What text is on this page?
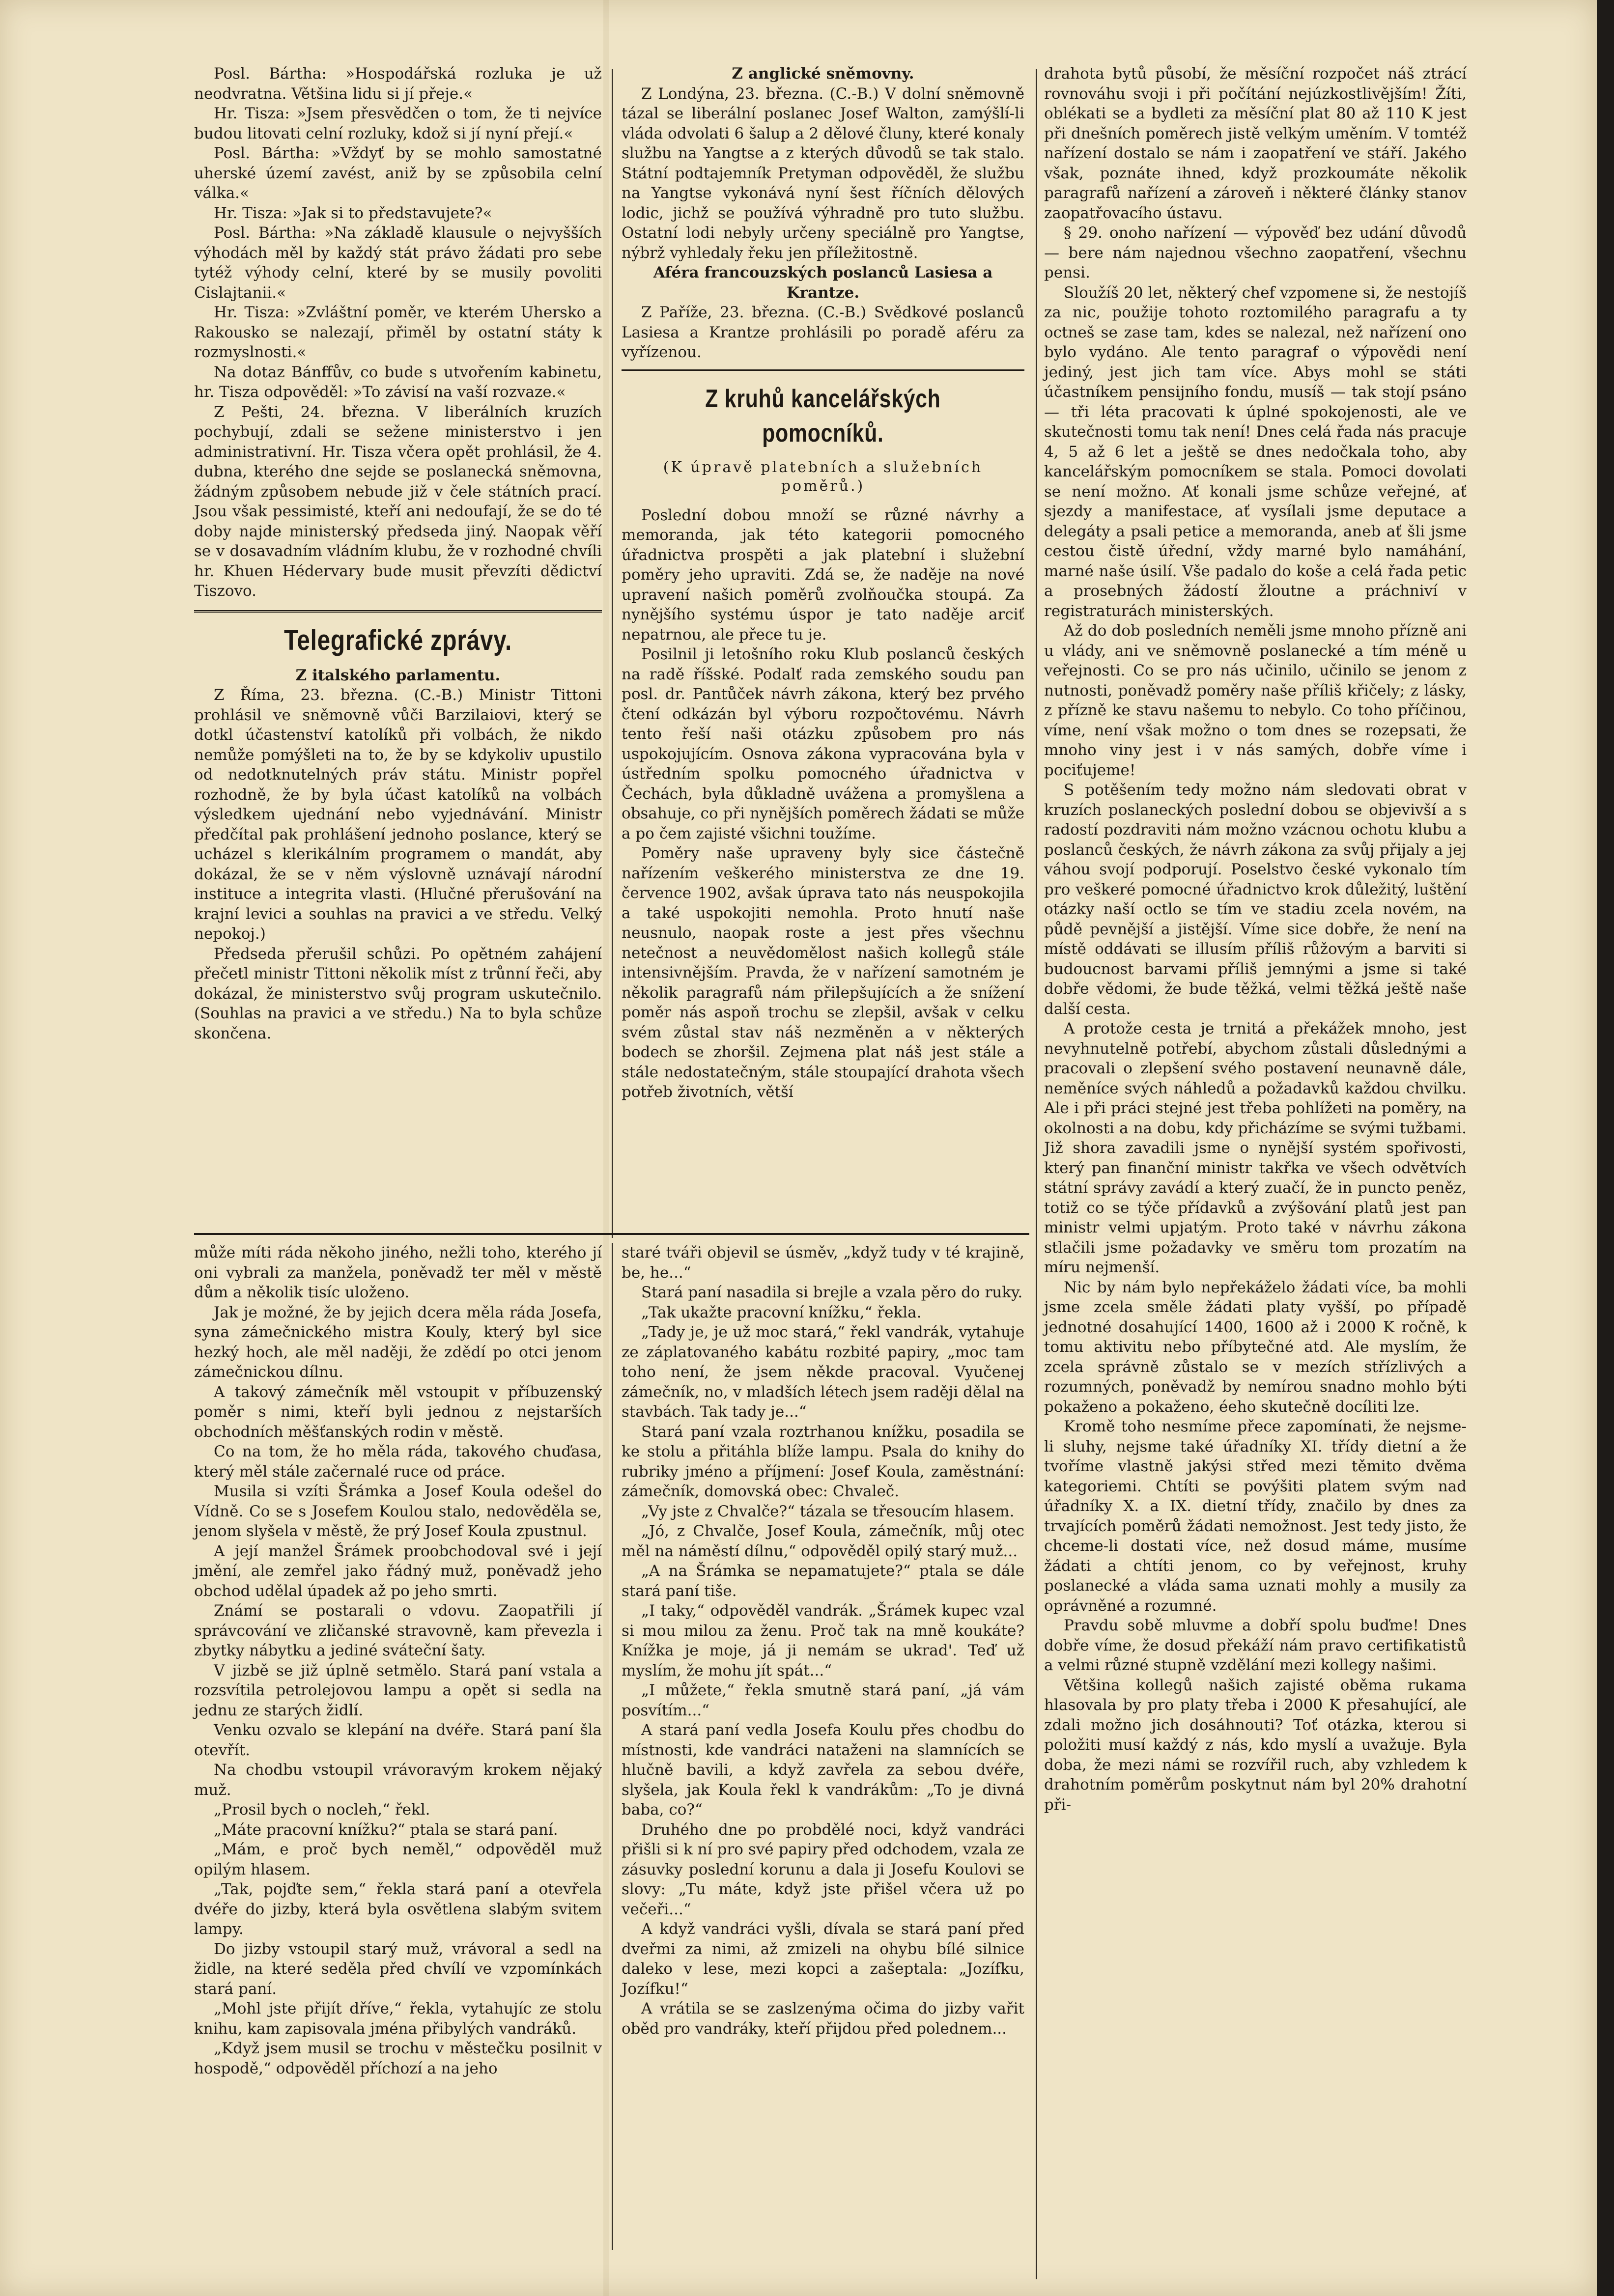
Posl. Bártha: »Hospodářská rozluka je už neodvratna. Většina lidu si jí přeje.«

Hr. Tisza: »Jsem přesvědčen o tom, že ti nejvíce budou litovati celní rozluky, kdož si jí nyní přejí.«

Posl. Bártha: »Vždyť by se mohlo samostatné uherské území zavést, aniž by se způsobila celní válka.«

Hr. Tisza: »Jak si to představujete?«

Posl. Bártha: »Na základě klausule o nejvyšších výhodách měl by každý stát právo žádati pro sebe tytéž výhody celní, které by se musily povoliti Cislajtanii.«

Hr. Tisza: »Zvláštní poměr, ve kterém Uhersko a Rakousko se nalezají, přiměl by ostatní státy k rozmyslnosti.«

Na dotaz Bánffův, co bude s utvořením kabinetu, hr. Tisza odpověděl: »To závisí na vaší rozvaze.«

Z Pešti, 24. března. V liberálních kruzích pochybují, zdali se sežene ministerstvo i jen administrativní. Hr. Tisza včera opět prohlásil, že 4. dubna, kterého dne sejde se poslanecká sněmovna, žádným způsobem nebude již v čele státních prací. Jsou však pessimisté, kteří ani nedoufají, že se do té doby najde ministerský předseda jiný. Naopak věří se v dosavadním vládním klubu, že v rozhodné chvíli hr. Khuen Hédervary bude musit převzíti dědictví Tiszovo.

Telegrafické zprávy.

Z italského parlamentu.

Z Říma, 23. března. (C.-B.) Ministr Tittoni prohlásil ve sněmovně vůči Barzilaiovi, který se dotkl účastenství katolíků při volbách, že nikdo nemůže pomýšleti na to, že by se kdykoliv upustilo od nedotknutelných práv státu. Ministr popřel rozhodně, že by byla účast katolíků na volbách výsledkem ujednání nebo vyjednávání. Ministr předčítal pak prohlášení jednoho poslance, který se ucházel s klerikálním programem o mandát, aby dokázal, že se v něm výslovně uznávají národní instituce a integrita vlasti. (Hlučné přerušování na krajní levici a souhlas na pravici a ve středu. Velký nepokoj.)

Předseda přerušil schůzi. Po opětném zahájení přečetl ministr Tittoni několik míst z trůnní řeči, aby dokázal, že ministerstvo svůj program uskutečnilo. (Souhlas na pravici a ve středu.) Na to byla schůze skončena.

Z anglické sněmovny.

Z Londýna, 23. března. (C.-B.) V dolní sněmovně tázal se liberální poslanec Josef Walton, zamýšlí-li vláda odvolati 6 šalup a 2 dělové čluny, které konaly službu na Yangtse a z kterých důvodů se tak stalo. Státní podtajemník Pretyman odpověděl, že službu na Yangtse vykonává nyní šest říčních dělových lodic, jichž se používá výhradně pro tuto službu. Ostatní lodi nebyly určeny speciálně pro Yangtse, nýbrž vyhledaly řeku jen příležitostně.

Aféra francouzských poslanců Lasiesa a Krantze.

Z Paříže, 23. března. (C.-B.) Svědkové poslanců Lasiesa a Krantze prohlásili po poradě aféru za vyřízenou.

Z kruhů kancelářských pomocníků.
(K úpravě platebních a služebních poměrů.)

Poslední dobou množí se různé návrhy a memoranda, jak této kategorii pomocného úřadnictva prospěti a jak platební i služební poměry jeho upraviti. Zdá se, že naděje na nové upravení našich poměrů zvolňoučka stoupá. Za nynějšího systému úspor je tato naděje arciť nepatrnou, ale přece tu je.

Posilnil ji letošního roku Klub poslanců českých na radě říšské. Podalť rada zemského soudu pan posl. dr. Pantůček návrh zákona, který bez prvého čtení odkázán byl výboru rozpočtovému. Návrh tento řeší naši otázku způsobem pro nás uspokojujícím. Osnova zákona vypracována byla v ústředním spolku pomocného úřadnictva v Čechách, byla důkladně uvážena a promyšlena a obsahuje, co při nynějších poměrech žádati se může a po čem zajisté všichni toužíme.

Poměry naše upraveny byly sice částečně nařízením veškerého ministerstva ze dne 19. července 1902, avšak úprava tato nás neuspokojila a také uspokojiti nemohla. Proto hnutí naše neusnulo, naopak roste a jest přes všechnu netečnost a neuvědomělost našich kollegů stále intensivnějším. Pravda, že v nařízení samotném je několik paragrafů nám přilepšujících a že snížení poměr nás aspoň trochu se zlepšil, avšak v celku svém zůstal stav náš nezměněn a v některých bodech se zhoršil. Zejmena plat náš jest stále a stále nedostatečným, stále stoupající drahota všech potřeb životních, větší

může míti ráda někoho jiného, nežli toho, kterého jí oni vybrali za manžela, poněvadž ter měl v městě dům a několik tisíc uloženo.

Jak je možné, že by jejich dcera měla ráda Josefa, syna zámečnického mistra Kouly, který byl sice hezký hoch, ale měl naději, že zdědí po otci jenom zámečnickou dílnu.

A takový zámečník měl vstoupit v příbuzenský poměr s nimi, kteří byli jednou z nejstarších obchodních měšťanských rodin v městě.

Co na tom, že ho měla ráda, takového chuďasa, který měl stále začernalé ruce od práce.

Musila si vzíti Šrámka a Josef Koula odešel do Vídně. Co se s Josefem Koulou stalo, nedověděla se, jenom slyšela v městě, že prý Josef Koula zpustnul.

A její manžel Šrámek proobchodoval své i její jmění, ale zemřel jako řádný muž, poněvadž jeho obchod udělal úpadek až po jeho smrti.

Známí se postarali o vdovu. Zaopatřili jí správcování ve zličanské stravovně, kam převezla i zbytky nábytku a jediné sváteční šaty.

V jizbě se již úplně setmělo. Stará paní vstala a rozsvítila petrolejovou lampu a opět si sedla na jednu ze starých židlí.

Venku ozvalo se klepání na dvéře. Stará paní šla otevřít.

Na chodbu vstoupil vrávoravým krokem nějaký muž.

„Prosil bych o nocleh,“ řekl.

„Máte pracovní knížku?“ ptala se stará paní.

„Mám, e proč bych neměl,“ odpověděl muž opilým hlasem.

„Tak, pojďte sem,“ řekla stará paní a otevřela dvéře do jizby, která byla osvětlena slabým svitem lampy.

Do jizby vstoupil starý muž, vrávoral a sedl na židle, na které seděla před chvílí ve vzpomínkách stará paní.

„Mohl jste přijít dříve,“ řekla, vytahujíc ze stolu knihu, kam zapisovala jména přibylých vandráků.

„Když jsem musil se trochu v městečku posilnit v hospodě,“ odpověděl příchozí a na jeho

staré tváři objevil se úsměv, „když tudy v té krajině, be, he...“

Stará paní nasadila si brejle a vzala pěro do ruky.

„Tak ukažte pracovní knížku,“ řekla.

„Tady je, je už moc stará,“ řekl vandrák, vytahuje ze záplatovaného kabátu rozbité papiry, „moc tam toho není, že jsem někde pracoval. Vyučenej zámečník, no, v mladších létech jsem raději dělal na stavbách. Tak tady je...“

Stará paní vzala roztrhanou knížku, posadila se ke stolu a přitáhla blíže lampu. Psala do knihy do rubriky jméno a příjmení: Josef Koula, zaměstnání: zámečník, domovská obec: Chvaleč.

„Vy jste z Chvalče?“ tázala se třesoucím hlasem.

„Jó, z Chvalče, Josef Koula, zámečník, můj otec měl na náměstí dílnu,“ odpověděl opilý starý muž...

„A na Šrámka se nepamatujete?“ ptala se dále stará paní tiše.

„I taky,“ odpověděl vandrák. „Šrámek kupec vzal si mou milou za ženu. Proč tak na mně koukáte? Knížka je moje, já ji nemám se ukrad'. Teď už myslím, že mohu jít spát...“

„I můžete,“ řekla smutně stará paní, „já vám posvítím...“

A stará paní vedla Josefa Koulu přes chodbu do místnosti, kde vandráci nataženi na slamnících se hlučně bavili, a když zavřela za sebou dvéře, slyšela, jak Koula řekl k vandrákům: „To je divná baba, co?“

Druhého dne po probdělé noci, když vandráci přišli si k ní pro své papiry před odchodem, vzala ze zásuvky poslední korunu a dala ji Josefu Koulovi se slovy: „Tu máte, když jste přišel včera už po večeři...“

A když vandráci vyšli, dívala se stará paní před dveřmi za nimi, až zmizeli na ohybu bílé silnice daleko v lese, mezi kopci a zašeptala: „Jozífku, Jozífku!“

A vrátila se se zaslzenýma očima do jizby vařit oběd pro vandráky, kteří přijdou před polednem...

drahota bytů působí, že měsíční rozpočet náš ztrácí rovnováhu svoji i při počítání nejúzkostlivějším! Žíti, oblékati se a bydleti za měsíční plat 80 až 110 K jest při dnešních poměrech jistě velkým uměním. V tomtéž nařízení dostalo se nám i zaopatření ve stáří. Jakého však, poznáte ihned, když prozkoumáte několik paragrafů nařízení a zároveň i některé články stanov zaopatřovacího ústavu.

§ 29. onoho nařízení — výpověď bez udání důvodů — bere nám najednou všechno zaopatření, všechnu pensi.

Sloužíš 20 let, některý chef vzpomene si, že nestojíš za nic, použije tohoto roztomilého paragrafu a ty octneš se zase tam, kdes se nalezal, než nařízení ono bylo vydáno. Ale tento paragraf o výpovědi není jediný, jest jich tam více. Abys mohl se státi účastníkem pensijního fondu, musíš — tak stojí psáno — tři léta pracovati k úplné spokojenosti, ale ve skutečnosti tomu tak není! Dnes celá řada nás pracuje 4, 5 až 6 let a ještě se dnes nedočkala toho, aby kancelářským pomocníkem se stala. Pomoci dovolati se není možno. Ať konali jsme schůze veřejné, ať sjezdy a manifestace, ať vysílali jsme deputace a delegáty a psali petice a memoranda, aneb ať šli jsme cestou čistě úřední, vždy marné bylo namáhání, marné naše úsilí. Vše padalo do koše a celá řada petic a prosebných žádostí žloutne a práchniví v registraturách ministerských.

Až do dob posledních neměli jsme mnoho přízně ani u vlády, ani ve sněmovně poslanecké a tím méně u veřejnosti. Co se pro nás učinilo, učinilo se jenom z nutnosti, poněvadž poměry naše příliš křičely; z lásky, z přízně ke stavu našemu to nebylo. Co toho příčinou, víme, není však možno o tom dnes se rozepsati, že mnoho viny jest i v nás samých, dobře víme i pociťujeme!

S potěšením tedy možno nám sledovati obrat v kruzích poslaneckých poslední dobou se objevivší a s radostí pozdraviti nám možno vzácnou ochotu klubu a poslanců českých, že návrh zákona za svůj přijaly a jej váhou svojí podporují. Poselstvo české vykonalo tím pro veškeré pomocné úřadnictvo krok důležitý, luštění otázky naší octlo se tím ve stadiu zcela novém, na půdě pevnější a jistější. Víme sice dobře, že není na místě oddávati se illusím příliš růžovým a barviti si budoucnost barvami příliš jemnými a jsme si také dobře vědomi, že bude těžká, velmi těžká ještě naše další cesta.

A protože cesta je trnitá a překážek mnoho, jest nevyhnutelně potřebí, abychom zůstali důslednými a pracovali o zlepšení svého postavení neunavně dále, neměníce svých náhledů a požadavků každou chvilku. Ale i při práci stejné jest třeba pohlížeti na poměry, na okolnosti a na dobu, kdy přicházíme se svými tužbami. Již shora zavadili jsme o nynější systém spořivosti, který pan finanční ministr takřka ve všech odvětvích státní správy zavádí a který zuačí, že in puncto peněz, totiž co se týče přídavků a zvýšování platů jest pan ministr velmi upjatým. Proto také v návrhu zákona stlačili jsme požadavky ve směru tom prozatím na míru nejmenší.

Nic by nám bylo nepřekáželo žádati více, ba mohli jsme zcela směle žádati platy vyšší, po případě jednotné dosahující 1400, 1600 až i 2000 K ročně, k tomu aktivitu nebo příbytečné atd. Ale myslím, že zcela správně zůstalo se v mezích střízlivých a rozumných, poněvadž by nemírou snadno mohlo býti pokaženo a pokaženo, éeho skutečně docíliti lze.

Kromě toho nesmíme přece zapomínati, že nejsme-li sluhy, nejsme také úřadníky XI. třídy dietní a že tvoříme vlastně jakýsi střed mezi těmito dvěma kategoriemi. Chtíti se povýšiti platem svým nad úřadníky X. a IX. dietní třídy, značilo by dnes za trvajících poměrů žádati nemožnost. Jest tedy jisto, že chceme-li dostati více, než dosud máme, musíme žádati a chtíti jenom, co by veřejnost, kruhy poslanecké a vláda sama uznati mohly a musily za oprávněné a rozumné.

Pravdu sobě mluvme a dobří spolu buďme! Dnes dobře víme, že dosud překáží nám pravo certifikatistů a velmi různé stupně vzdělání mezi kollegy našimi.

Většina kollegů našich zajisté oběma rukama hlasovala by pro platy třeba i 2000 K přesahující, ale zdali možno jich dosáhnouti? Toť otázka, kterou si položiti musí každý z nás, kdo myslí a uvažuje. Byla doba, že mezi námi se rozvířil ruch, aby vzhledem k drahotním poměrům poskytnut nám byl 20% drahotní při-
